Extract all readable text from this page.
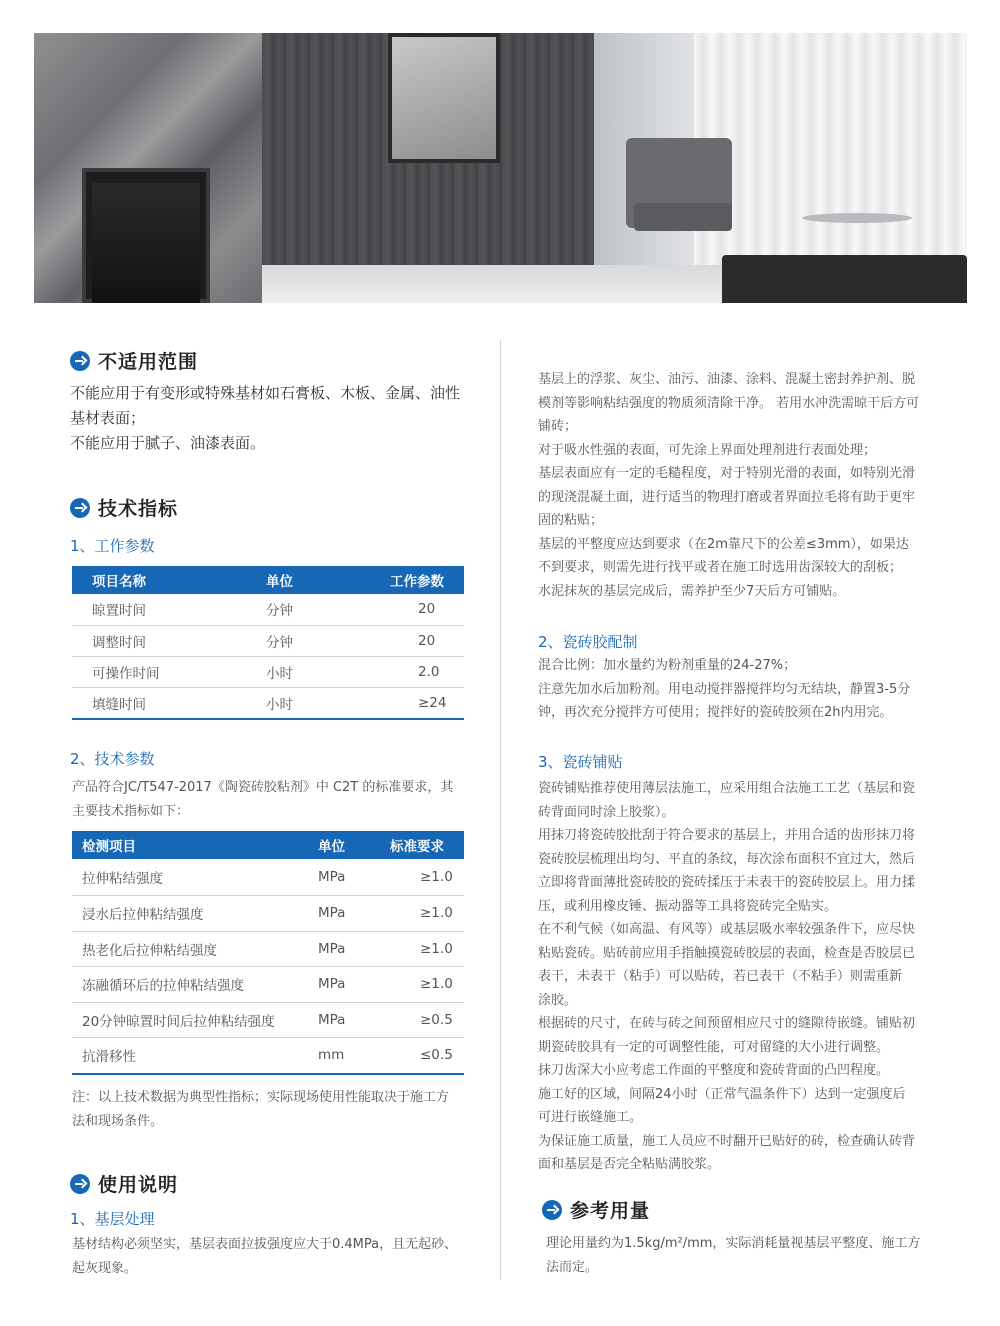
不适用范围

不能应用于有变形或特殊基材如石膏板、木板、金属、油性

基材表面；

不能应用于腻子、油漆表面。

技术指标
1、工作参数
项目名称	单位	工作参数
晾置时间	分钟	20
调整时间	分钟	20
可操作时间	小时	2.0
填缝时间	小时	≥24
2、技术参数

产品符合JC/T547-2017《陶瓷砖胶粘剂》中 C2T 的标准要求，其

主要技术指标如下：

检测项目	单位	标准要求
拉伸粘结强度	MPa	≥1.0
浸水后拉伸粘结强度	MPa	≥1.0
热老化后拉伸粘结强度	MPa	≥1.0
冻融循环后的拉伸粘结强度	MPa	≥1.0
20分钟晾置时间后拉伸粘结强度	MPa	≥0.5
抗滑移性	mm	≤0.5

注：以上技术数据为典型性指标；实际现场使用性能取决于施工方

法和现场条件。

使用说明
1、基层处理

基材结构必须坚实，基层表面拉拔强度应大于0.4MPa，且无起砂、

起灰现象。

基层上的浮浆、灰尘、油污、油漆、涂料、混凝土密封养护剂、脱

模剂等影响粘结强度的物质须清除干净。 若用水冲洗需晾干后方可

铺砖；

对于吸水性强的表面，可先涂上界面处理剂进行表面处理；

基层表面应有一定的毛糙程度，对于特别光滑的表面，如特别光滑

的现浇混凝土面，进行适当的物理打磨或者界面拉毛将有助于更牢

固的粘贴；

基层的平整度应达到要求（在2m靠尺下的公差≤3mm），如果达

不到要求，则需先进行找平或者在施工时选用齿深较大的刮板；

水泥抹灰的基层完成后，需养护至少7天后方可铺贴。

2、瓷砖胶配制

混合比例：加水量约为粉剂重量的24-27%；

注意先加水后加粉剂。用电动搅拌器搅拌均匀无结块，静置3-5分

钟，再次充分搅拌方可使用；搅拌好的瓷砖胶须在2h内用完。

3、瓷砖铺贴

瓷砖铺贴推荐使用薄层法施工，应采用组合法施工工艺（基层和瓷

砖背面同时涂上胶浆）。

用抹刀将瓷砖胶批刮于符合要求的基层上，并用合适的齿形抹刀将

瓷砖胶层梳理出均匀、平直的条纹，每次涂布面积不宜过大，然后

立即将背面薄批瓷砖胶的瓷砖揉压于未表干的瓷砖胶层上。用力揉

压，或利用橡皮锤、振动器等工具将瓷砖完全贴实。

在不利气候（如高温、有风等）或基层吸水率较强条件下，应尽快

粘贴瓷砖。贴砖前应用手指触摸瓷砖胶层的表面，检查是否胶层已

表干，未表干（粘手）可以贴砖，若已表干（不粘手）则需重新

涂胶。

根据砖的尺寸，在砖与砖之间预留相应尺寸的缝隙待嵌缝。铺贴初

期瓷砖胶具有一定的可调整性能，可对留缝的大小进行调整。

抹刀齿深大小应考虑工作面的平整度和瓷砖背面的凸凹程度。

施工好的区域，间隔24小时（正常气温条件下）达到一定强度后

可进行嵌缝施工。

为保证施工质量，施工人员应不时翻开已贴好的砖，检查确认砖背

面和基层是否完全粘贴满胶浆。

参考用量

理论用量约为1.5kg/m²/mm，实际消耗量视基层平整度、施工方

法而定。
